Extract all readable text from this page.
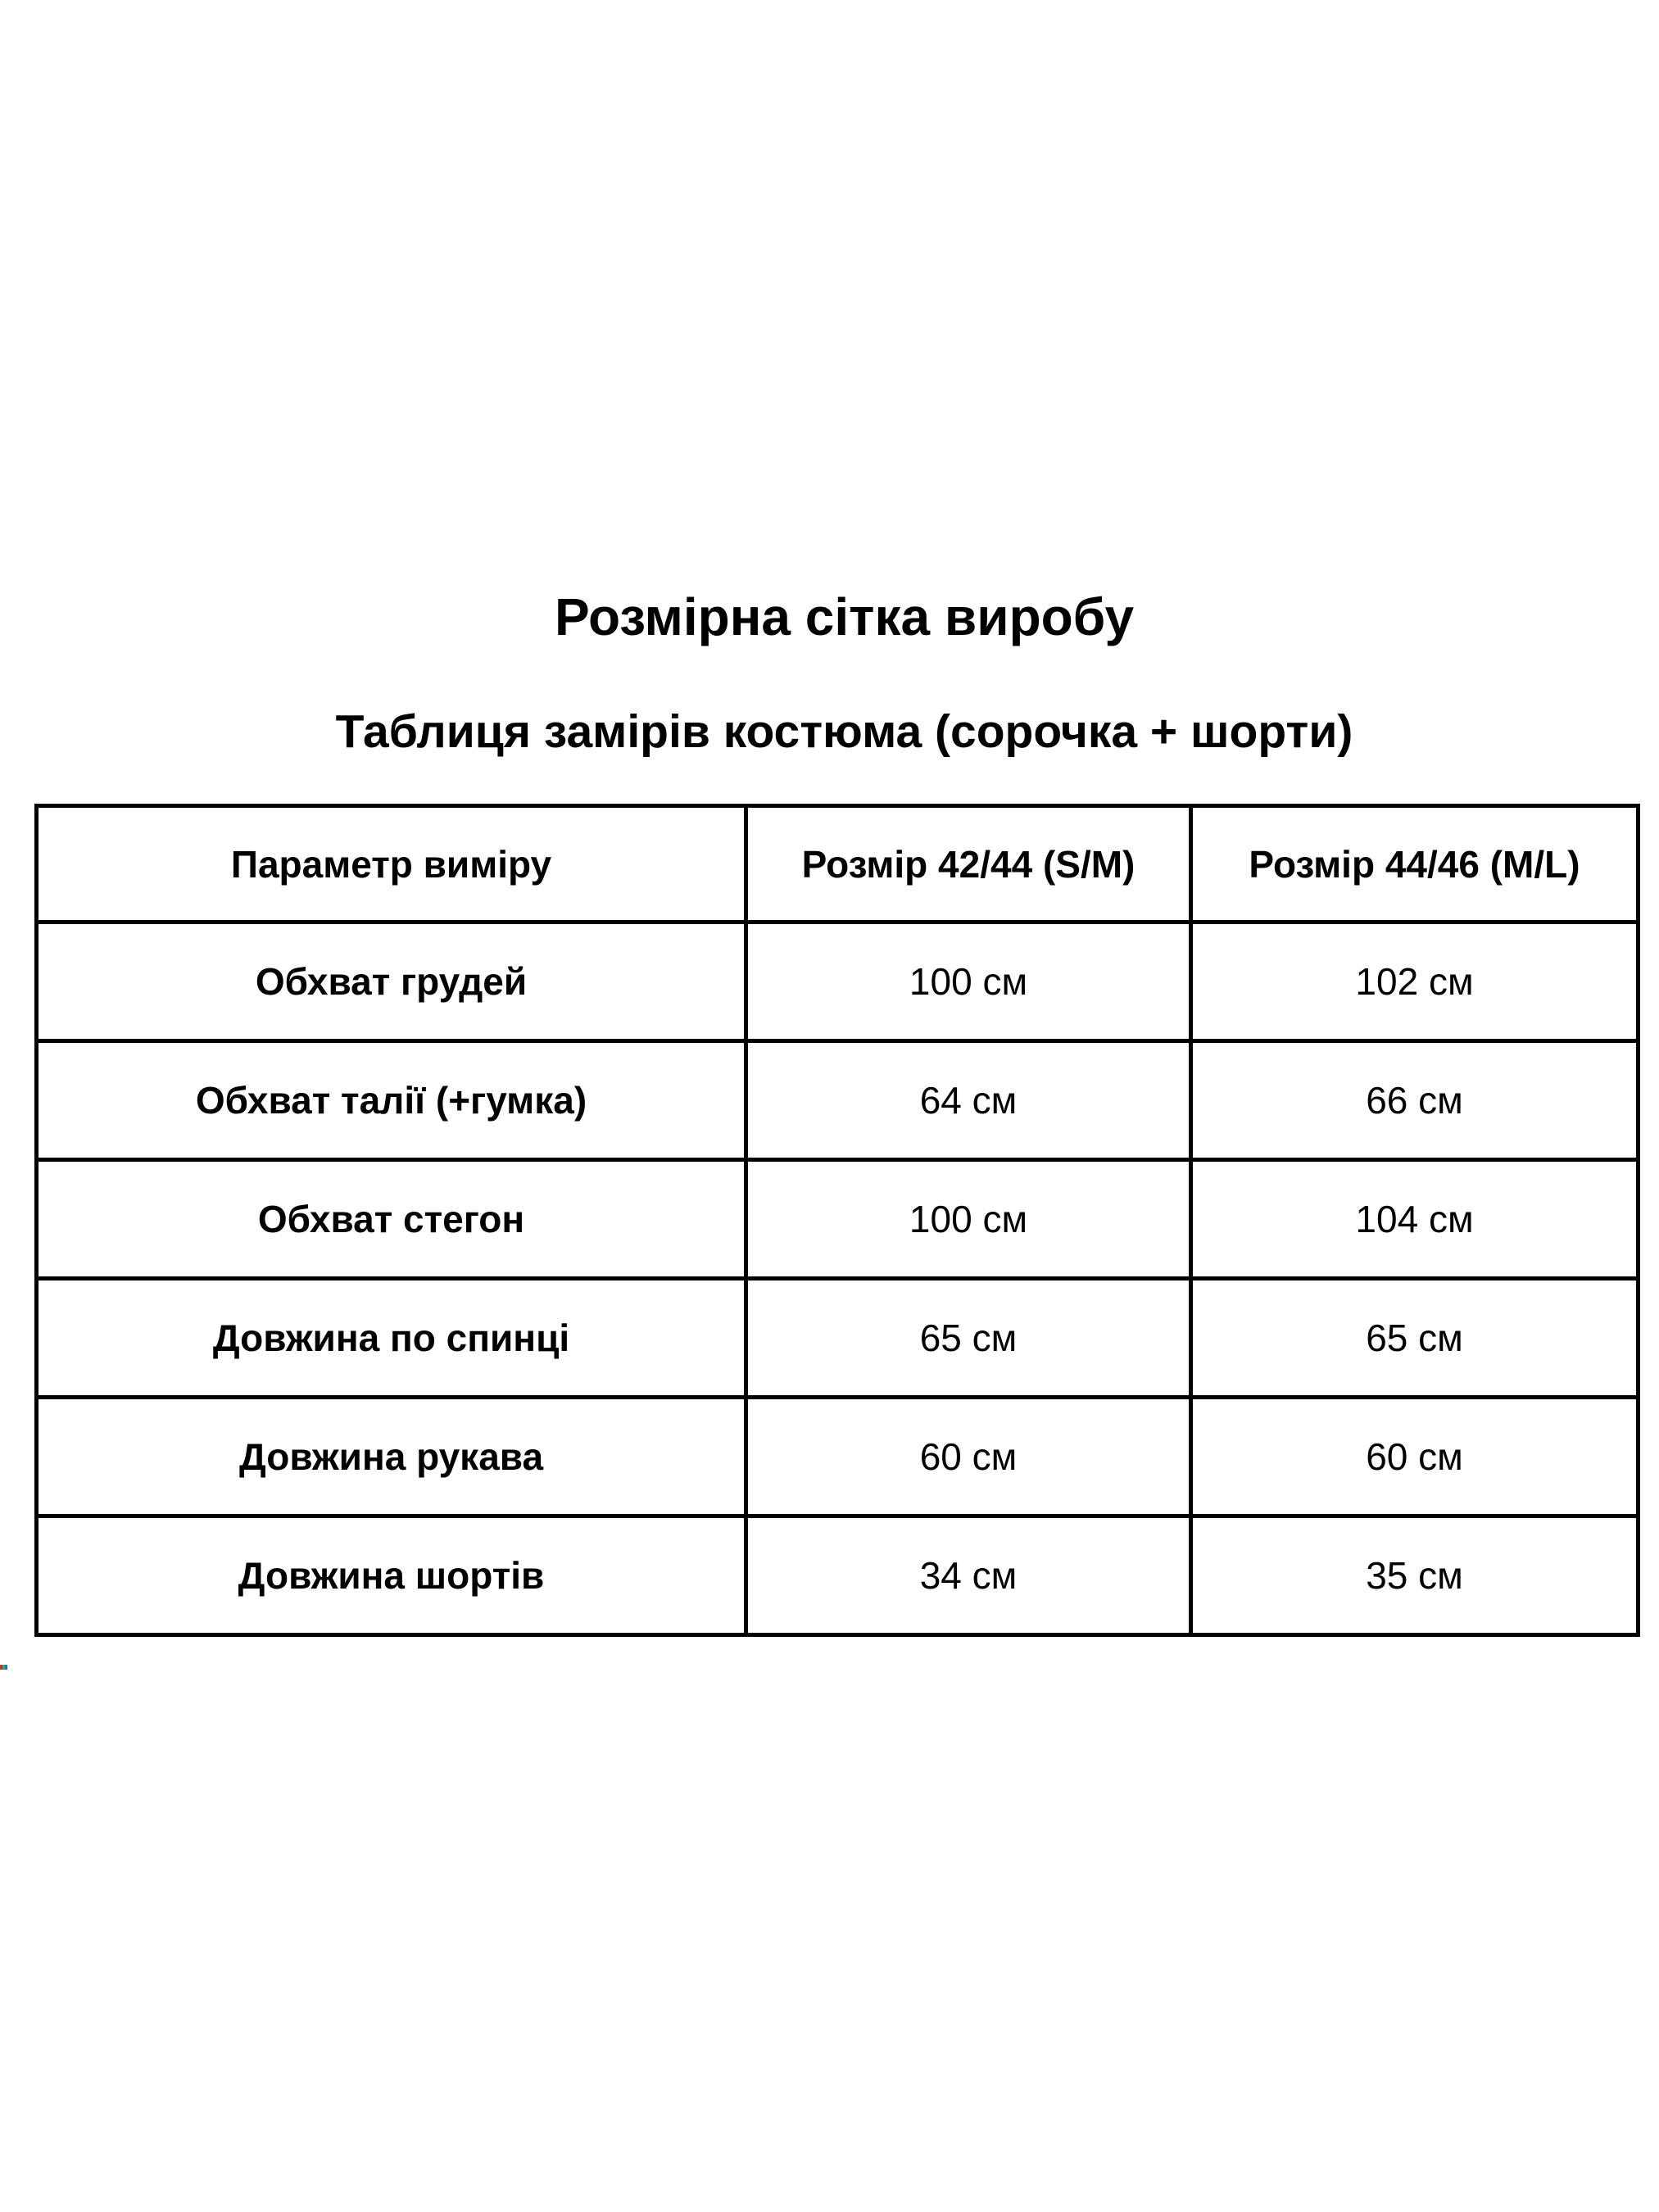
Розмірна сітка виробу
Таблиця замірів костюма (сорочка + шорти)
Параметр виміру	Розмір 42/44 (S/M)	Розмір 44/46 (M/L)
Обхват грудей	100 см	102 см
Обхват талії (+гумка)	64 см	66 см
Обхват стегон	100 см	104 см
Довжина по спинці	65 см	65 см
Довжина рукава	60 см	60 см
Довжина шортів	34 см	35 см
